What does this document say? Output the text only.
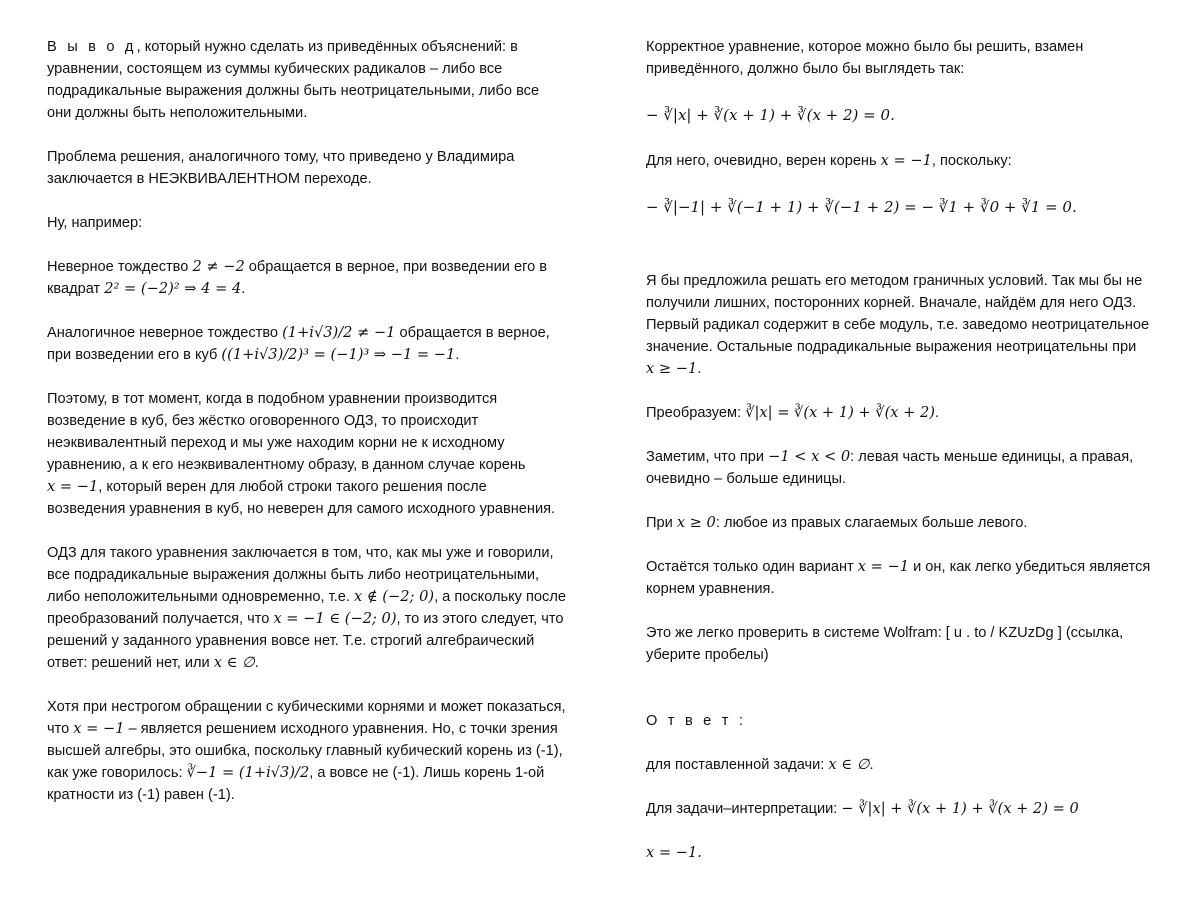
В ы в о д, который нужно сделать из приведённых объяснений: в уравнении, состоящем из суммы кубических радикалов – либо все подрадикальные выражения должны быть неотрицательными, либо все они должны быть неположительными.

Проблема решения, аналогичного тому, что приведено у Владимира заключается в НЕЭКВИВАЛЕНТНОМ переходе.

Ну, например:

Неверное тождество 2 ≠ −2 обращается в верное, при возведении его в квадрат 2² = (−2)² ⇒ 4 = 4.

Аналогичное неверное тождество (1+i√3)/2 ≠ −1 обращается в верное, при возведении его в куб ((1+i√3)/2)³ = (−1)³ ⇒ −1 = −1.

Поэтому, в тот момент, когда в подобном уравнении производится возведение в куб, без жёстко оговоренного ОДЗ, то происходит неэквивалентный переход и мы уже находим корни не к исходному уравнению, а к его неэквивалентному образу, в данном случае корень x = −1, который верен для любой строки такого решения после возведения уравнения в куб, но неверен для самого исходного уравнения.

ОДЗ для такого уравнения заключается в том, что, как мы уже и говорили, все подрадикальные выражения должны быть либо неотрицательными, либо неположительными одновременно, т.е. x ∉ (−2; 0), а поскольку после преобразований получается, что x = −1 ∈ (−2; 0), то из этого следует, что решений у заданного уравнения вовсе нет. Т.е. строгий алгебраический ответ: решений нет, или x ∈ ∅.

Хотя при нестрогом обращении с кубическими корнями и может показаться, что x = −1 – является решением исходного уравнения. Но, с точки зрения высшей алгебры, это ошибка, поскольку главный кубический корень из (-1), как уже говорилось: ∛−1 = (1+i√3)/2, а вовсе не (-1). Лишь корень 1-ой кратности из (-1) равен (-1).

Корректное уравнение, которое можно было бы решить, взамен приведённого, должно было бы выглядеть так:

− ∛|x| + ∛(x + 1) + ∛(x + 2) = 0.

Для него, очевидно, верен корень x = −1, поскольку:

− ∛|−1| + ∛(−1 + 1) + ∛(−1 + 2) = − ∛1 + ∛0 + ∛1 = 0.

Я бы предложила решать его методом граничных условий. Так мы бы не получили лишних, посторонних корней. Вначале, найдём для него ОДЗ. Первый радикал содержит в себе модуль, т.е. заведомо неотрицательное значение. Остальные подрадикальные выражения неотрицательны при x ≥ −1.

Преобразуем: ∛|x| = ∛(x + 1) + ∛(x + 2).

Заметим, что при −1 < x < 0: левая часть меньше единицы, а правая, очевидно – больше единицы.

При x ≥ 0: любое из правых слагаемых больше левого.

Остаётся только один вариант x = −1 и он, как легко убедиться является корнем уравнения.

Это же легко проверить в системе Wolfram: [ u . to / KZUzDg ] (ссылка, уберите пробелы)

О т в е т :

для поставленной задачи: x ∈ ∅.

Для задачи–интерпретации: − ∛|x| + ∛(x + 1) + ∛(x + 2) = 0

x = −1.
